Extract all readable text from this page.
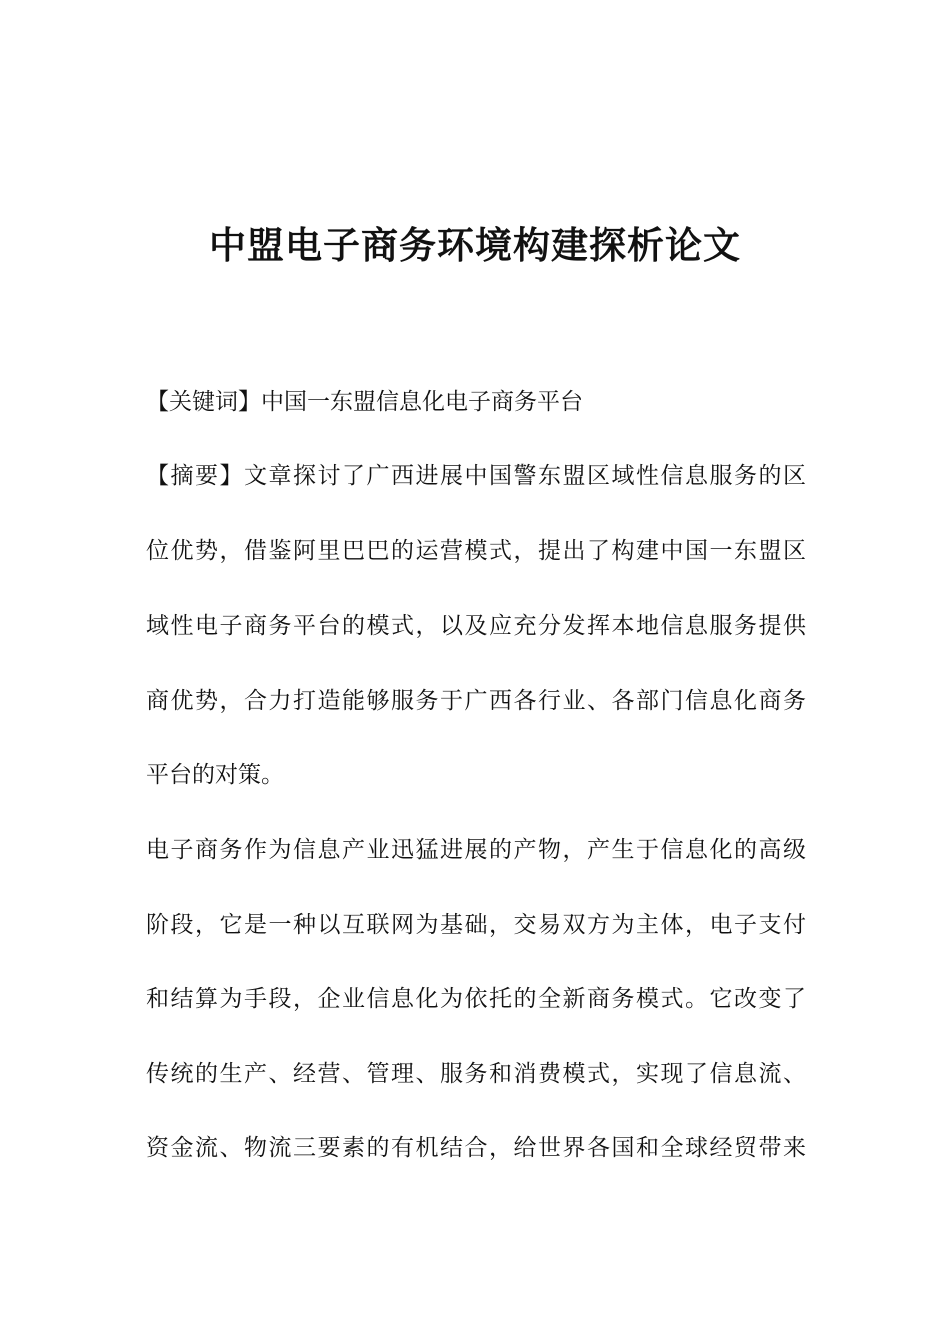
中盟电子商务环境构建探析论文

【关键词】中国一东盟信息化电子商务平台

【摘要】文章探讨了广西进展中国警东盟区域性信息服务的区

位优势，借鉴阿里巴巴的运营模式，提出了构建中国一东盟区

域性电子商务平台的模式，以及应充分发挥本地信息服务提供

商优势，合力打造能够服务于广西各行业、各部门信息化商务

平台的对策。

电子商务作为信息产业迅猛进展的产物，产生于信息化的高级

阶段，它是一种以互联网为基础，交易双方为主体，电子支付

和结算为手段，企业信息化为依托的全新商务模式。它改变了

传统的生产、经营、管理、服务和消费模式，实现了信息流、

资金流、物流三要素的有机结合，给世界各国和全球经贸带来
